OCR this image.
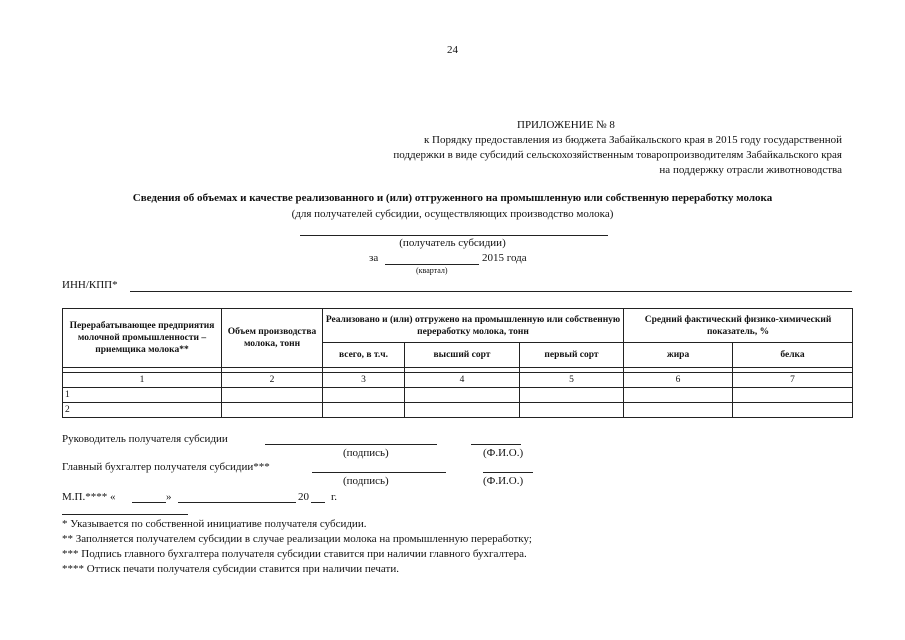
24
ПРИЛОЖЕНИЕ № 8
к Порядку предоставления из бюджета Забайкальского края в 2015 году государственной
поддержки в виде субсидий сельскохозяйственным товаропроизводителям Забайкальского края
на поддержку отрасли животноводства
Сведения об объемах и качестве реализованного и (или) отгруженного на промышленную или собственную переработку молока
(для получателей субсидии, осуществляющих производство молока)
(получатель субсидии)
за	2015 года
(квартал)
ИНН/КПП*
Перерабатывающее предприятия молочной промышленности – приемщика молока**	Объем производства молока, тонн	Реализовано и (или) отгружено на промышленную или собственную переработку молока, тонн			Средний фактический физико-химический показатель, %	
		всего, в т.ч.	высший сорт	первый сорт	жира	белка

1	2	3	4	5	6	7
1						
2						
Руководитель получателя субсидии
(подпись)	(Ф.И.О.)
Главный бухгалтер получателя субсидии***
(подпись)	(Ф.И.О.)
М.П.**** «	»	20 г.
* Указывается по собственной инициативе получателя субсидии.
** Заполняется получателем субсидии в случае реализации молока на промышленную переработку;
*** Подпись главного бухгалтера получателя субсидии ставится при наличии главного бухгалтера.
**** Оттиск печати получателя субсидии ставится при наличии печати.
